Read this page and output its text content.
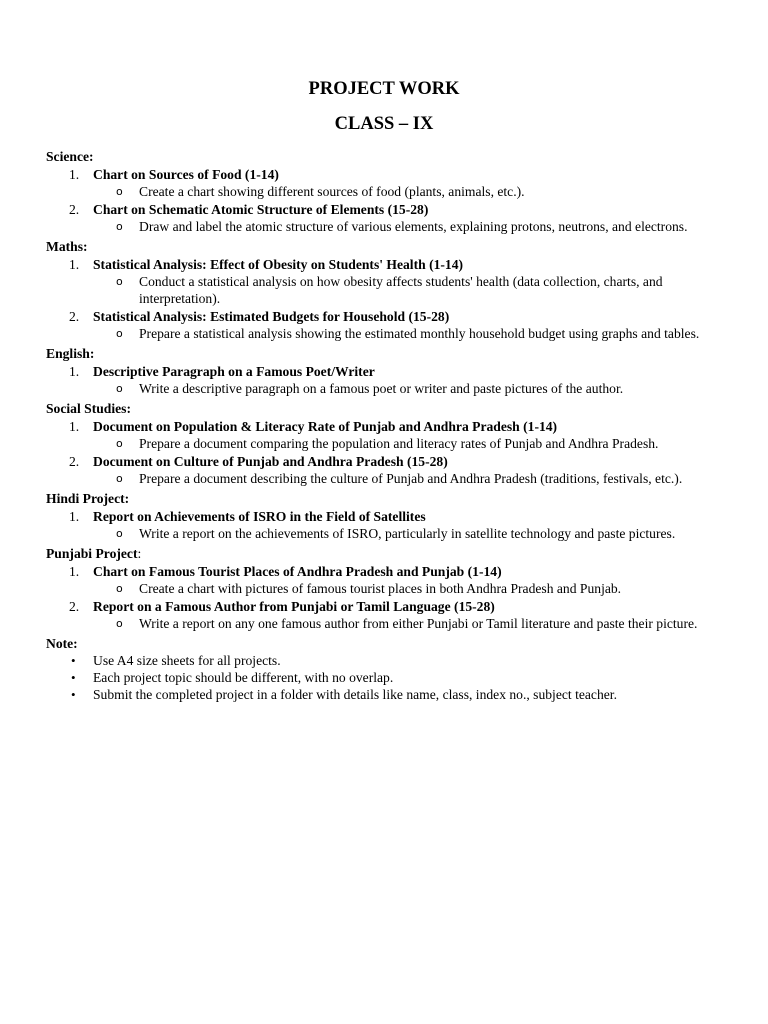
PROJECT WORK
CLASS – IX
Science:
1. Chart on Sources of Food (1-14)
o Create a chart showing different sources of food (plants, animals, etc.).
2. Chart on Schematic Atomic Structure of Elements (15-28)
o Draw and label the atomic structure of various elements, explaining protons, neutrons, and electrons.
Maths:
1. Statistical Analysis: Effect of Obesity on Students' Health (1-14)
o Conduct a statistical analysis on how obesity affects students' health (data collection, charts, and interpretation).
2. Statistical Analysis: Estimated Budgets for Household (15-28)
o Prepare a statistical analysis showing the estimated monthly household budget using graphs and tables.
English:
1. Descriptive Paragraph on a Famous Poet/Writer
o Write a descriptive paragraph on a famous poet or writer and paste pictures of the author.
Social Studies:
1. Document on Population & Literacy Rate of Punjab and Andhra Pradesh (1-14)
o Prepare a document comparing the population and literacy rates of Punjab and Andhra Pradesh.
2. Document on Culture of Punjab and Andhra Pradesh (15-28)
o Prepare a document describing the culture of Punjab and Andhra Pradesh (traditions, festivals, etc.).
Hindi Project:
1. Report on Achievements of ISRO in the Field of Satellites
o Write a report on the achievements of ISRO, particularly in satellite technology and paste pictures.
Punjabi Project:
1. Chart on Famous Tourist Places of Andhra Pradesh and Punjab (1-14)
o Create a chart with pictures of famous tourist places in both Andhra Pradesh and Punjab.
2. Report on a Famous Author from Punjabi or Tamil Language (15-28)
o Write a report on any one famous author from either Punjabi or Tamil literature and paste their picture.
Note:
• Use A4 size sheets for all projects.
• Each project topic should be different, with no overlap.
• Submit the completed project in a folder with details like name, class, index no., subject teacher.
